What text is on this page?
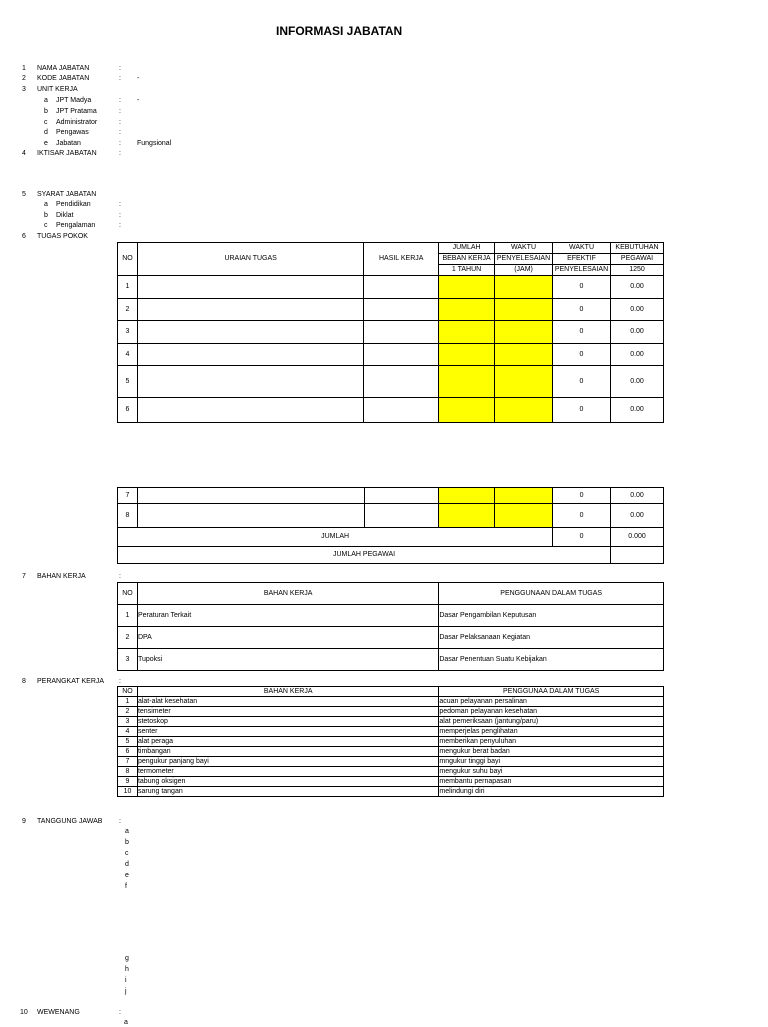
INFORMASI JABATAN
1 NAMA JABATAN	:
2 KODE JABATAN	: -
3 UNIT KERJA
a JPT Madya	: -
b JPT Pratama	:
c Administrator	:
d Pengawas	:
e Jabatan	: Fungsional
4 IKTISAR JABATAN	:
5 SYARAT JABATAN
a Pendidikan	:
b Diklat	:
c Pengalaman	:
6 TUGAS POKOK
NO	URAIAN TUGAS	HASIL KERJA	JUMLAH	WAKTU	WAKTU	KEBUTUHAN
			BEBAN KERJA	PENYELESAIAN	EFEKTIF	PEGAWAI
			1 TAHUN	(JAM)	PENYELESAIAN	1250
1					0	0.00
2					0	0.00
3					0	0.00
4					0	0.00
5					0	0.00
6					0	0.00
7					0	0.00
8					0	0.00
JUMLAH					0	0.000
JUMLAH PEGAWAI						
7 BAHAN KERJA	:
NO	BAHAN KERJA	PENGGUNAAN DALAM TUGAS
1	Peraturan Terkait	Dasar Pengambilan Keputusan
2	DPA	Dasar Pelaksanaan Kegiatan
3	Tupoksi	Dasar Penentuan Suatu Kebijakan
8 PERANGKAT KERJA :
NO	BAHAN KERJA	PENGGUNAA DALAM TUGAS
1	alat-alat kesehatan	acuan pelayanan persalinan
2	tensimeter	pedoman pelayanan kesehatan
3	stetoskop	alat pemeriksaan (jantung/paru)
4	senter	memperjelas penglihatan
5	alat peraga	memberikan penyuluhan
6	timbangan	mengukur berat badan
7	pengukur panjang bayi	mngukur tinggi bayi
8	termometer	mengukur suhu bayi
9	tabung oksigen	membantu pernapasan
10	sarung tangan	melindungi diri
9 TANGGUNG JAWAB :
a
b
c
d
e
f
g
h
i
j
10 WEWENANG	:
a
